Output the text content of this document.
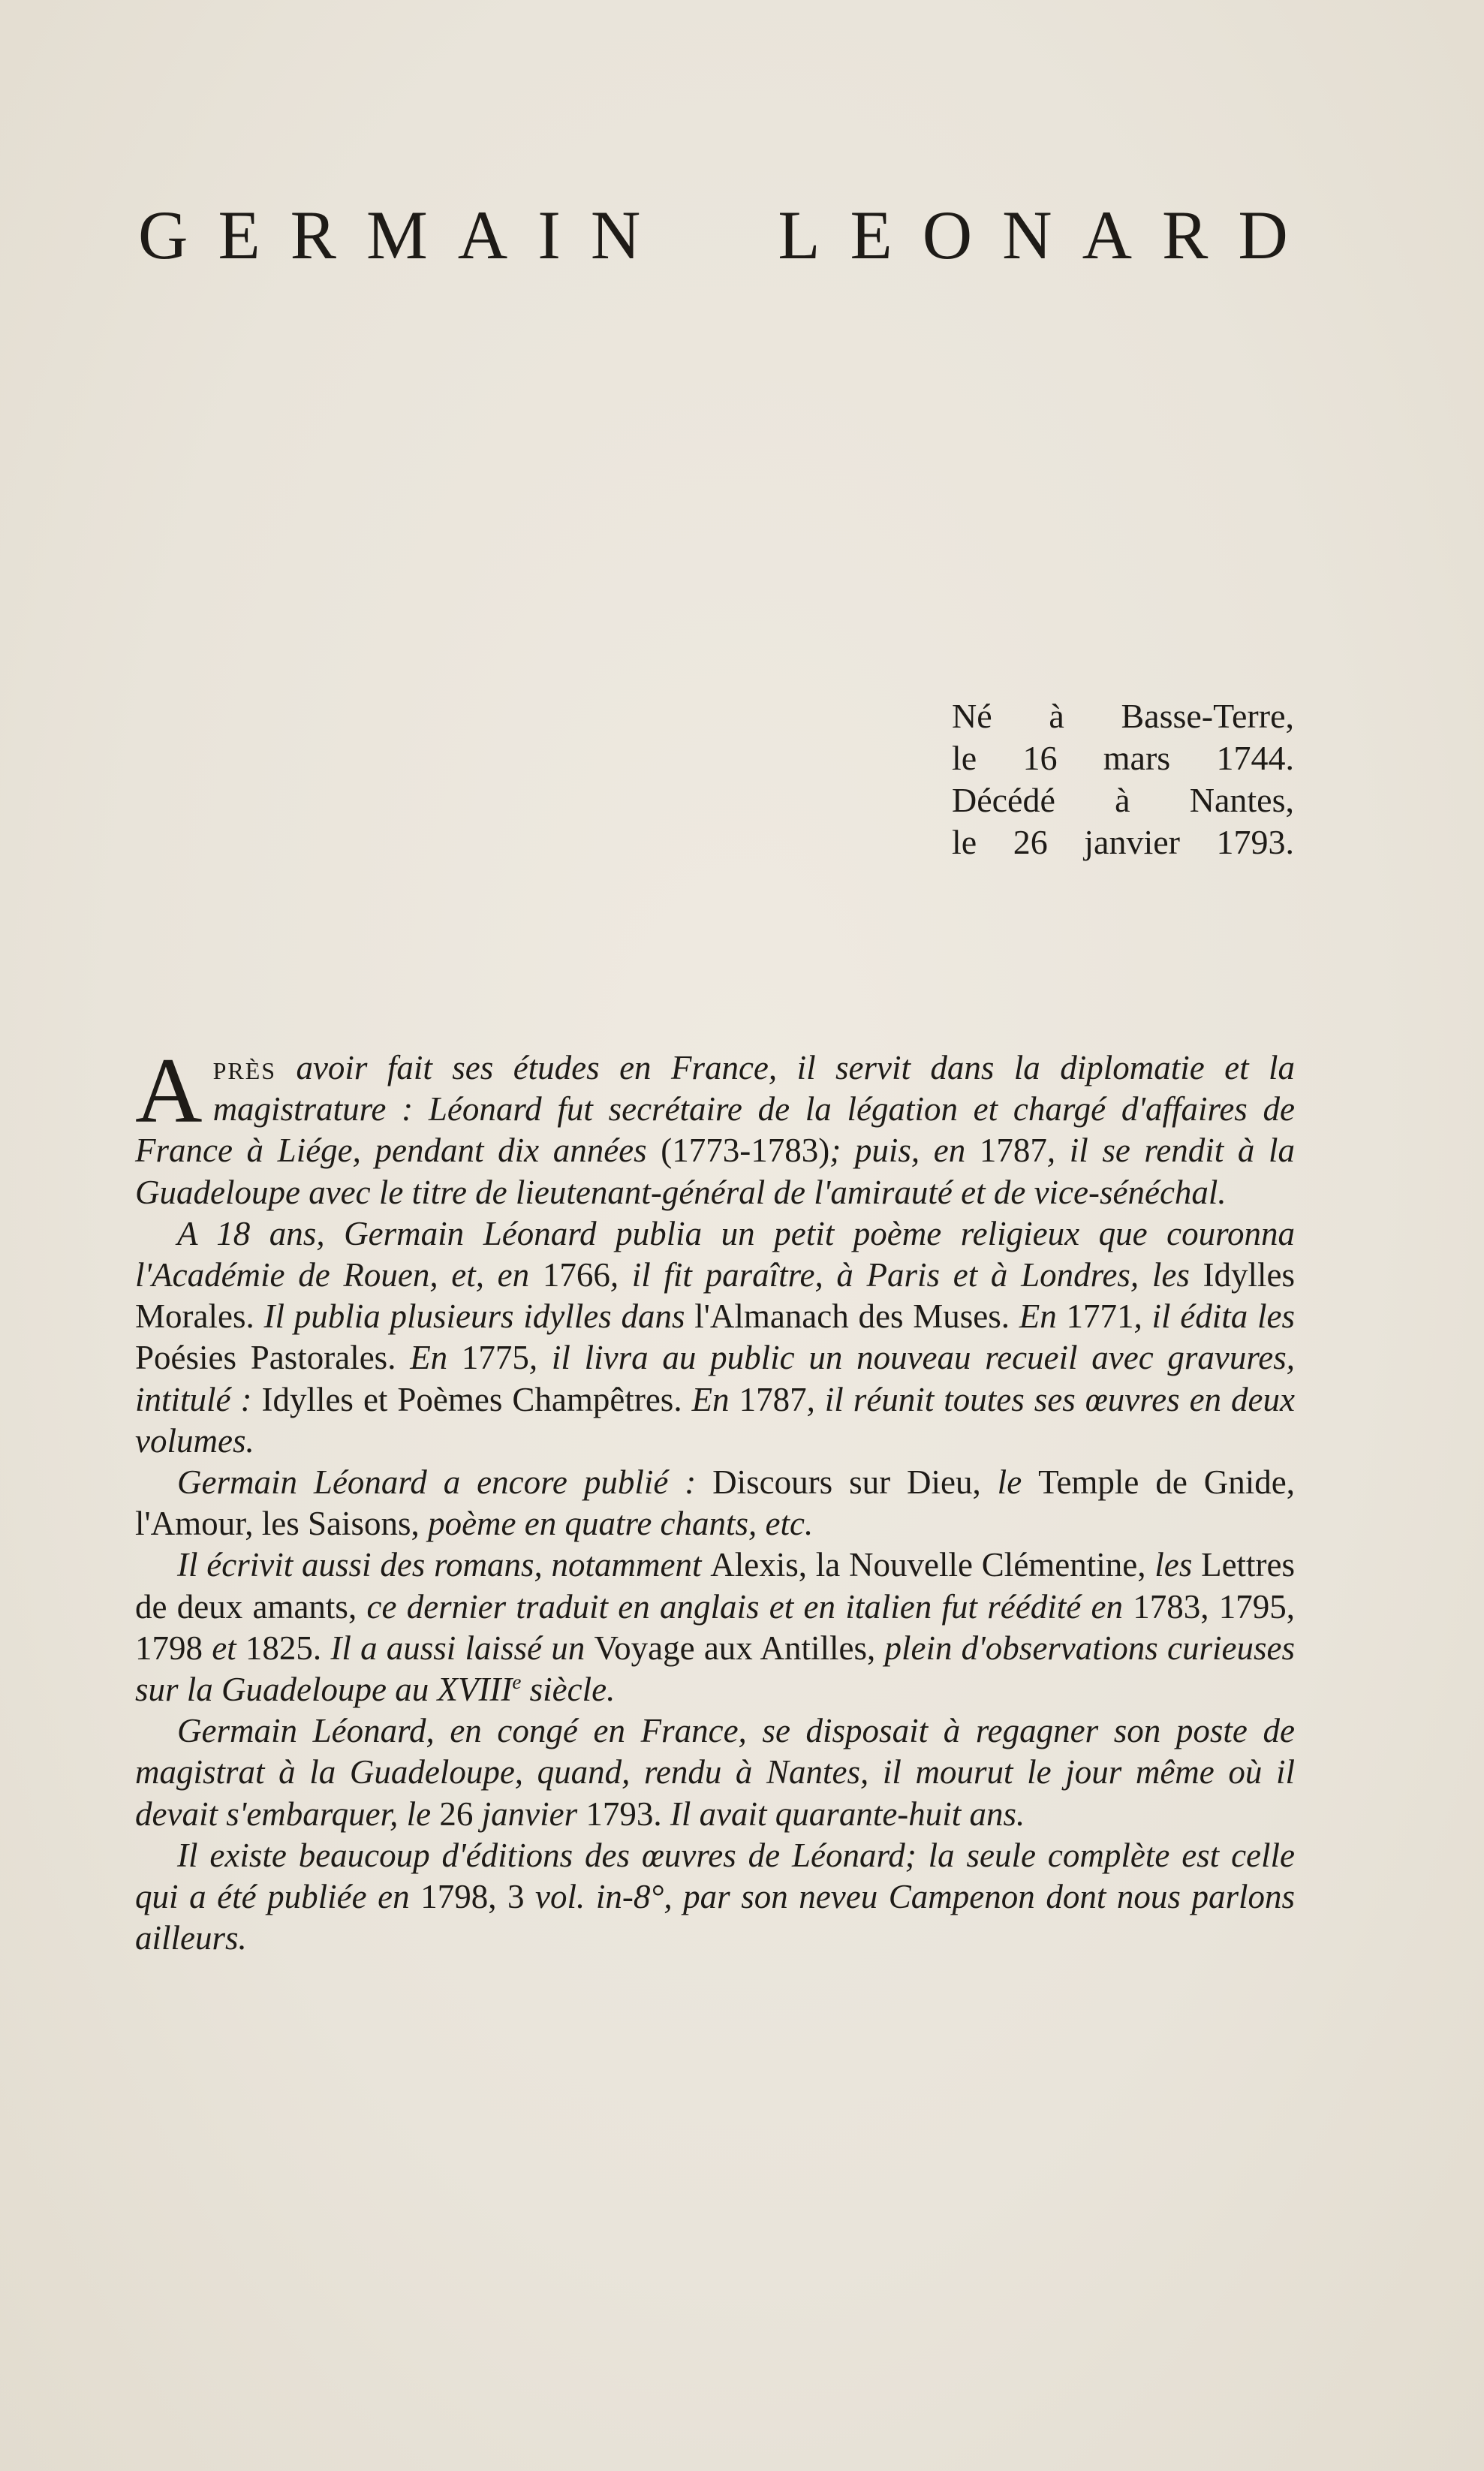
GERMAIN LEONARD
Né à Basse-Terre,
le 16 mars 1744.
Décédé à Nantes,
le 26 janvier 1793.

Après avoir fait ses études en France, il servit dans la diplomatie et la magistrature : Léonard fut secrétaire de la légation et chargé d'affaires de France à Liége, pendant dix années (1773-1783); puis, en 1787, il se rendit à la Guadeloupe avec le titre de lieutenant-général de l'amirauté et de vice-sénéchal.

A 18 ans, Germain Léonard publia un petit poème religieux que couronna l'Académie de Rouen, et, en 1766, il fit paraître, à Paris et à Londres, les Idylles Morales. Il publia plusieurs idylles dans l'Almanach des Muses. En 1771, il édita les Poésies Pastorales. En 1775, il livra au public un nouveau recueil avec gravures, intitulé : Idylles et Poèmes Champêtres. En 1787, il réunit toutes ses œuvres en deux volumes.

Germain Léonard a encore publié : Discours sur Dieu, le Temple de Gnide, l'Amour, les Saisons, poème en quatre chants, etc.

Il écrivit aussi des romans, notamment Alexis, la Nouvelle Clémentine, les Lettres de deux amants, ce dernier traduit en anglais et en italien fut réédité en 1783, 1795, 1798 et 1825. Il a aussi laissé un Voyage aux Antilles, plein d'observations curieuses sur la Guadeloupe au XVIIIe siècle.

Germain Léonard, en congé en France, se disposait à regagner son poste de magistrat à la Guadeloupe, quand, rendu à Nantes, il mourut le jour même où il devait s'embarquer, le 26 janvier 1793. Il avait quarante-huit ans.

Il existe beaucoup d'éditions des œuvres de Léonard; la seule complète est celle qui a été publiée en 1798, 3 vol. in-8°, par son neveu Campenon dont nous parlons ailleurs.
